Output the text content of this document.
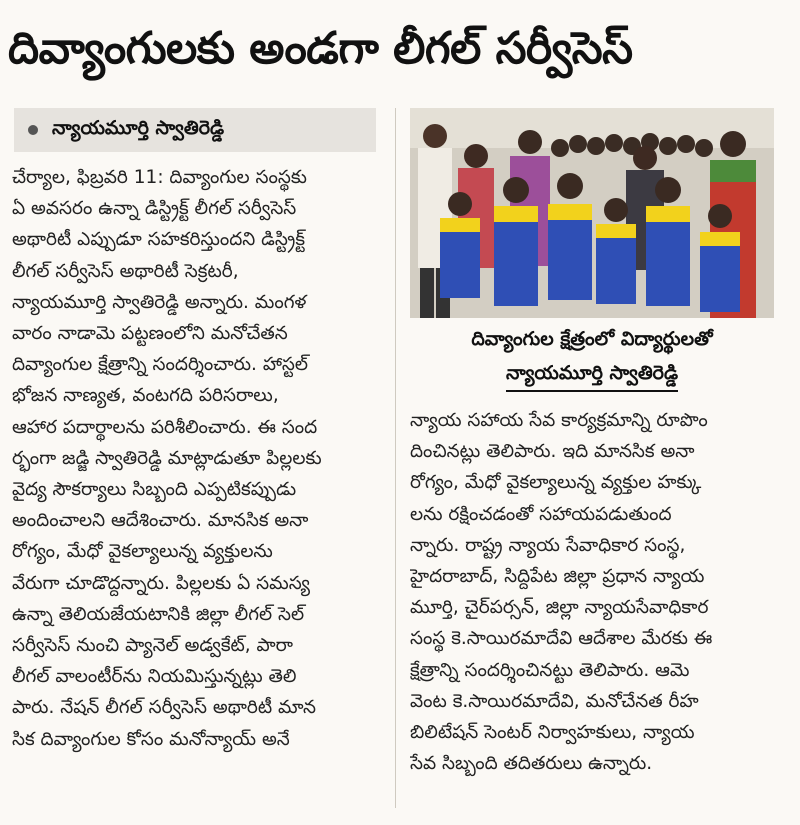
దివ్యాంగులకు అండగా లీగల్ సర్వీసెస్
న్యాయమూర్తి స్వాతిరెడ్డి
చేర్యాల, ఫిబ్రవరి 11: దివ్యాంగుల సంస్థకు
ఏ అవసరం ఉన్నా డిస్ట్రిక్ట్ లీగల్ సర్వీసెస్
అథారిటీ ఎప్పుడూ సహకరిస్తుందని డిస్ట్రిక్ట్
లీగల్ సర్వీసెస్ అథారిటీ సెక్రటరీ,
న్యాయమూర్తి స్వాతిరెడ్డి అన్నారు. మంగళ
వారం నాడామె పట్టణంలోని మనోచేతన
దివ్యాంగుల క్షేత్రాన్ని సందర్శించారు. హాస్టల్
భోజన నాణ్యత, వంటగది పరిసరాలు,
ఆహార పదార్థాలను పరిశీలించారు. ఈ సంద
ర్భంగా జడ్జి స్వాతిరెడ్డి మాట్లాడుతూ పిల్లలకు
వైద్య సౌకర్యాలు సిబ్బంది ఎప్పటికప్పుడు
అందించాలని ఆదేశించారు. మానసిక అనా
రోగ్యం, మేధో వైకల్యాలున్న వ్యక్తులను
వేరుగా చూడొద్దన్నారు. పిల్లలకు ఏ సమస్య
ఉన్నా తెలియజేయటానికి జిల్లా లీగల్ సెల్
సర్వీసెస్ నుంచి ప్యానెల్ అడ్వకేట్, పారా
లీగల్ వాలంటీర్‌ను నియమిస్తున్నట్లు తెలి
పారు. నేషన్ లీగల్ సర్వీసెస్ అథారిటీ మాన
సిక దివ్యాంగుల కోసం మనోన్యాయ్ అనే
దివ్యాంగుల క్షేత్రంలో విద్యార్థులతో
న్యాయమూర్తి స్వాతిరెడ్డి
న్యాయ సహాయ సేవ కార్యక్రమాన్ని రూపొం
దించినట్లు తెలిపారు. ఇది మానసిక అనా
రోగ్యం, మేధో వైకల్యాలున్న వ్యక్తుల హక్కు
లను రక్షించడంతో సహాయపడుతుంద
న్నారు. రాష్ట్ర న్యాయ సేవాధికార సంస్థ,
హైదరాబాద్, సిద్దిపేట జిల్లా ప్రధాన న్యాయ
మూర్తి, చైర్‌పర్సన్, జిల్లా న్యాయసేవాధికార
సంస్థ కె.సాయిరమాదేవి ఆదేశాల మేరకు ఈ
క్షేత్రాన్ని సందర్శించినట్టు తెలిపారు. ఆమె
వెంట కె.సాయిరమాదేవి, మనోచేనత రీహ
బిలిటేషన్ సెంటర్ నిర్వాహకులు, న్యాయ
సేవ సిబ్బంది తదితరులు ఉన్నారు.
